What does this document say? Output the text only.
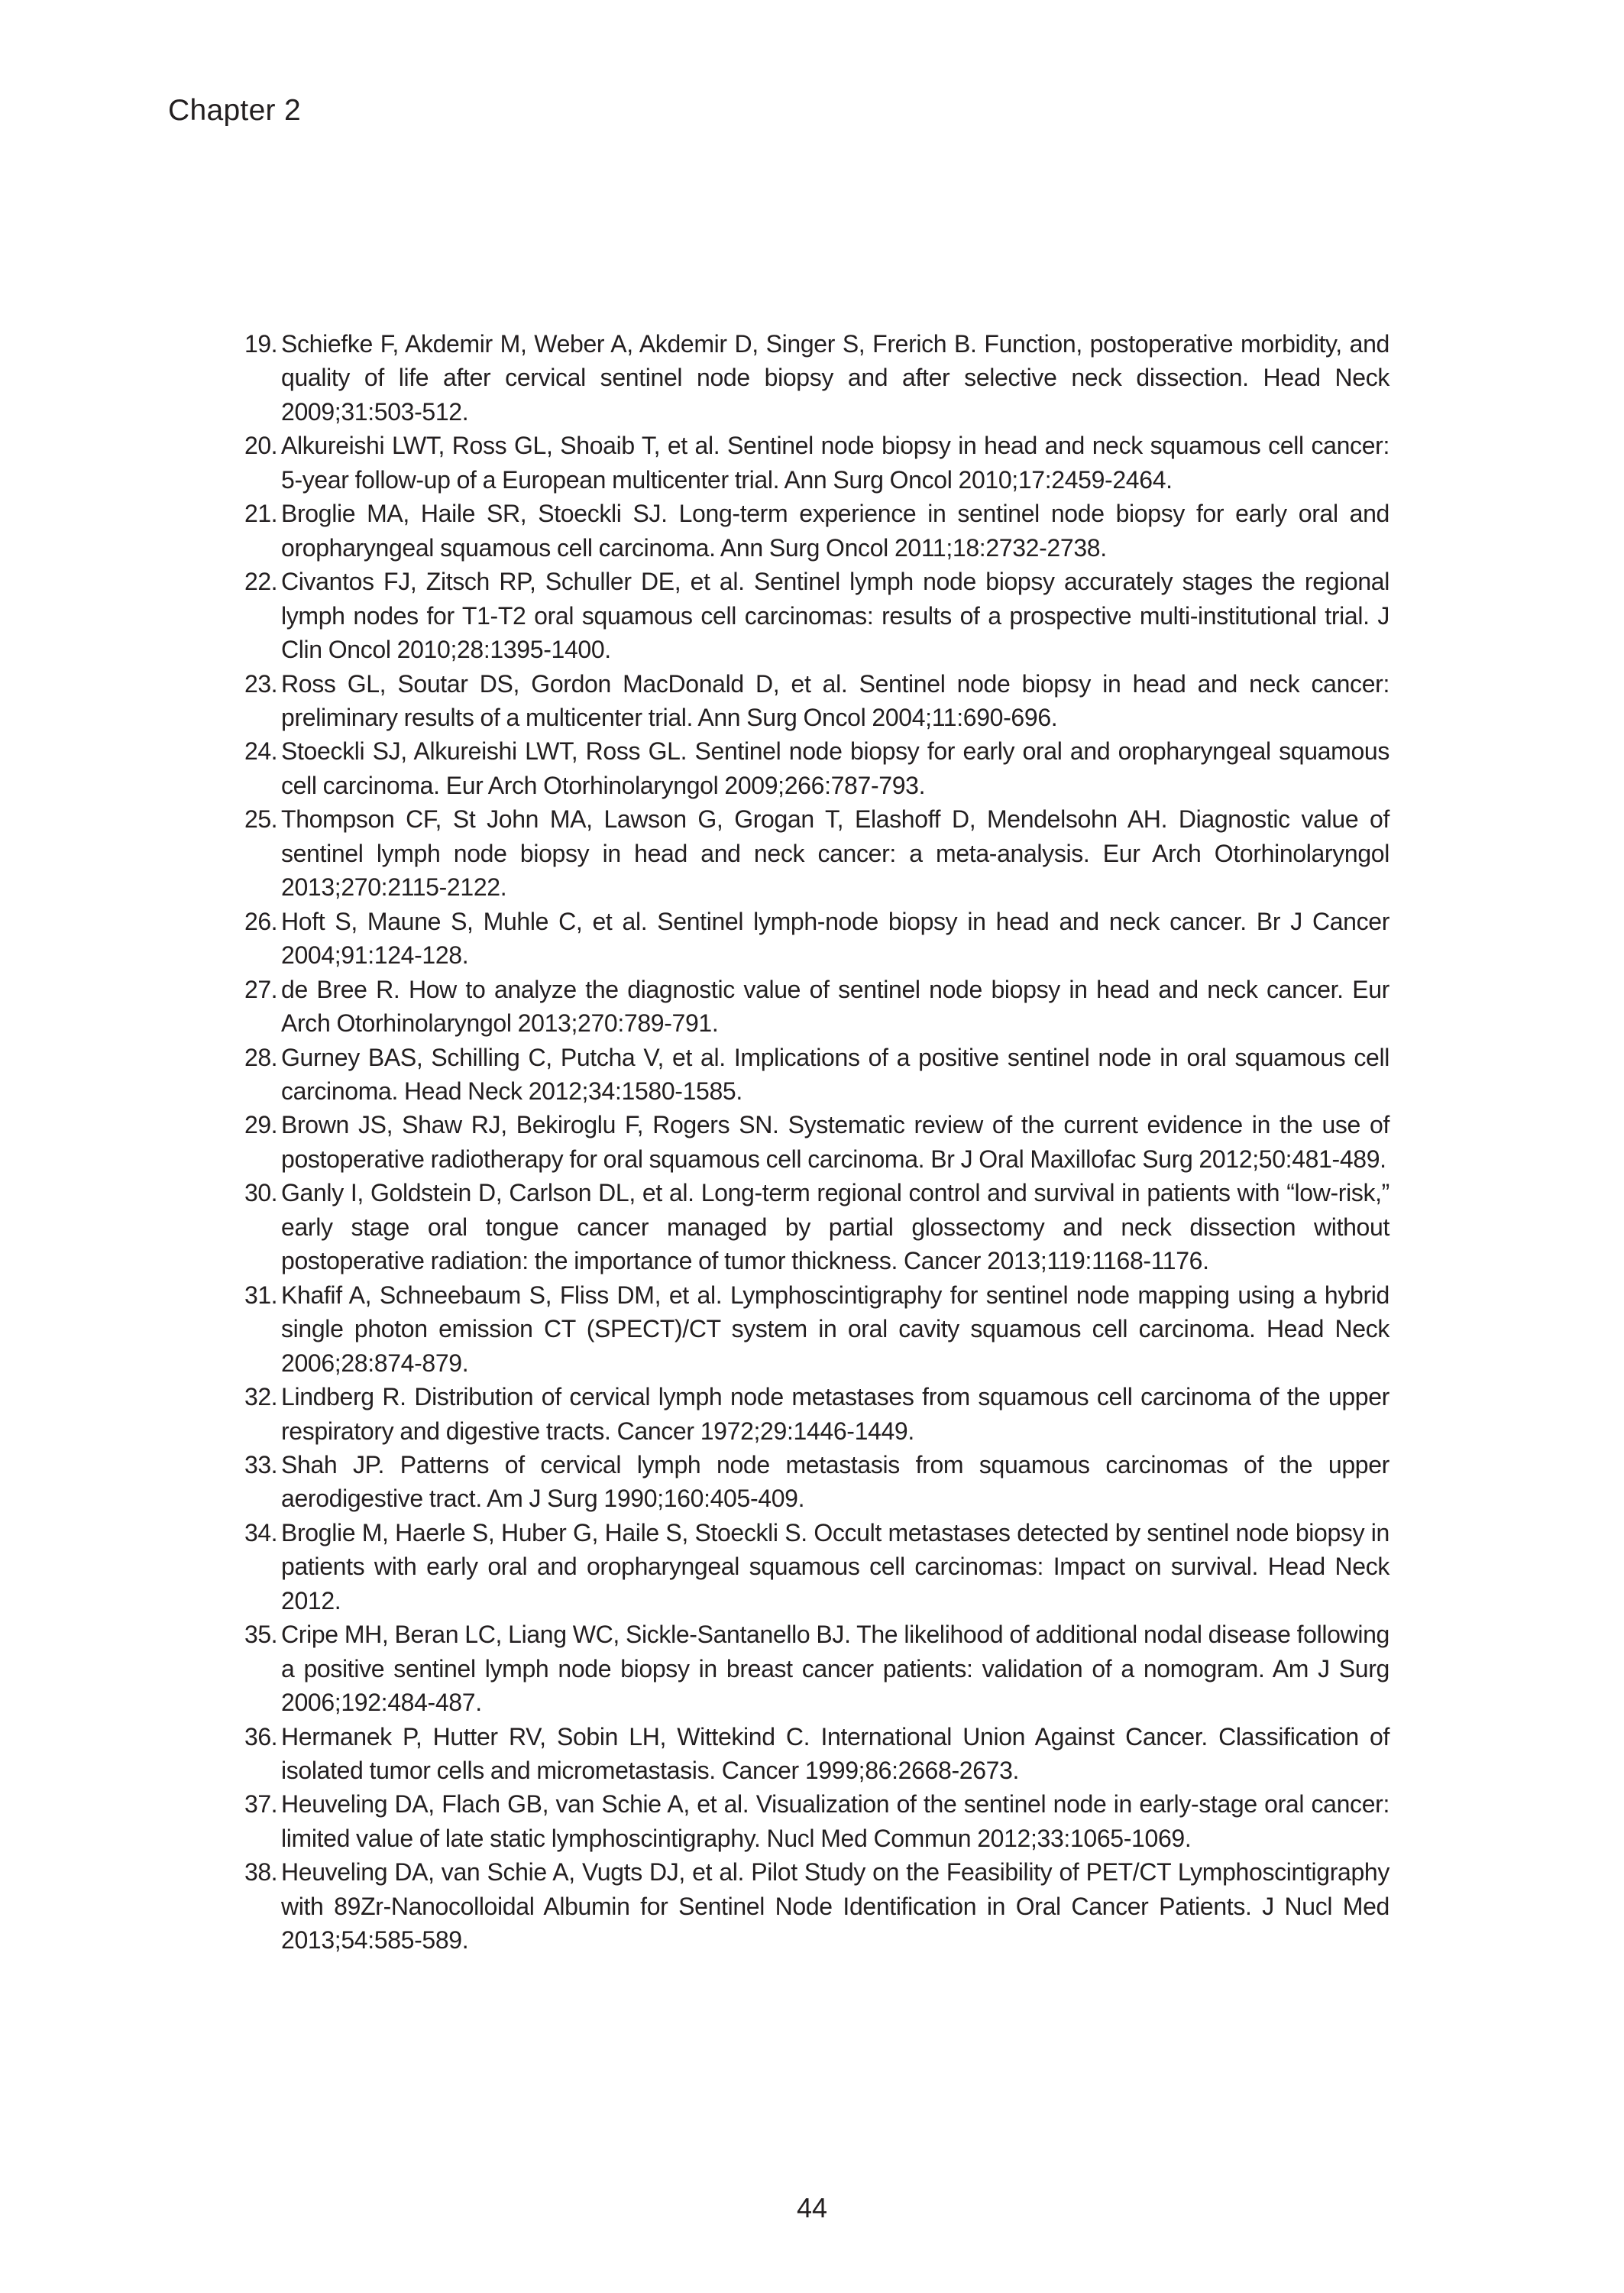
Chapter 2
19. Schiefke F, Akdemir M, Weber A, Akdemir D, Singer S, Frerich B. Function, postoperative morbidity, and quality of life after cervical sentinel node biopsy and after selective neck dissection. Head Neck 2009;31:503-512.
20. Alkureishi LWT, Ross GL, Shoaib T, et al. Sentinel node biopsy in head and neck squamous cell cancer: 5-year follow-up of a European multicenter trial. Ann Surg Oncol 2010;17:2459-2464.
21. Broglie MA, Haile SR, Stoeckli SJ. Long-term experience in sentinel node biopsy for early oral and oropharyngeal squamous cell carcinoma. Ann Surg Oncol 2011;18:2732-2738.
22. Civantos FJ, Zitsch RP, Schuller DE, et al. Sentinel lymph node biopsy accurately stages the regional lymph nodes for T1-T2 oral squamous cell carcinomas: results of a prospective multi-institutional trial. J Clin Oncol 2010;28:1395-1400.
23. Ross GL, Soutar DS, Gordon MacDonald D, et al. Sentinel node biopsy in head and neck cancer: preliminary results of a multicenter trial. Ann Surg Oncol 2004;11:690-696.
24. Stoeckli SJ, Alkureishi LWT, Ross GL. Sentinel node biopsy for early oral and oropharyngeal squamous cell carcinoma. Eur Arch Otorhinolaryngol 2009;266:787-793.
25. Thompson CF, St John MA, Lawson G, Grogan T, Elashoff D, Mendelsohn AH. Diagnostic value of sentinel lymph node biopsy in head and neck cancer: a meta-analysis. Eur Arch Otorhinolaryngol 2013;270:2115-2122.
26. Hoft S, Maune S, Muhle C, et al. Sentinel lymph-node biopsy in head and neck cancer. Br J Cancer 2004;91:124-128.
27. de Bree R. How to analyze the diagnostic value of sentinel node biopsy in head and neck cancer. Eur Arch Otorhinolaryngol 2013;270:789-791.
28. Gurney BAS, Schilling C, Putcha V, et al. Implications of a positive sentinel node in oral squamous cell carcinoma. Head Neck 2012;34:1580-1585.
29. Brown JS, Shaw RJ, Bekiroglu F, Rogers SN. Systematic review of the current evidence in the use of postoperative radiotherapy for oral squamous cell carcinoma. Br J Oral Maxillofac Surg 2012;50:481-489.
30. Ganly I, Goldstein D, Carlson DL, et al. Long-term regional control and survival in patients with “low-risk,” early stage oral tongue cancer managed by partial glossectomy and neck dissection without postoperative radiation: the importance of tumor thickness. Cancer 2013;119:1168-1176.
31. Khafif A, Schneebaum S, Fliss DM, et al. Lymphoscintigraphy for sentinel node mapping using a hybrid single photon emission CT (SPECT)/CT system in oral cavity squamous cell carcinoma. Head Neck 2006;28:874-879.
32. Lindberg R. Distribution of cervical lymph node metastases from squamous cell carcinoma of the upper respiratory and digestive tracts. Cancer 1972;29:1446-1449.
33. Shah JP. Patterns of cervical lymph node metastasis from squamous carcinomas of the upper aerodigestive tract. Am J Surg 1990;160:405-409.
34. Broglie M, Haerle S, Huber G, Haile S, Stoeckli S. Occult metastases detected by sentinel node biopsy in patients with early oral and oropharyngeal squamous cell carcinomas: Impact on survival. Head Neck 2012.
35. Cripe MH, Beran LC, Liang WC, Sickle-Santanello BJ. The likelihood of additional nodal disease following a positive sentinel lymph node biopsy in breast cancer patients: validation of a nomogram. Am J Surg 2006;192:484-487.
36. Hermanek P, Hutter RV, Sobin LH, Wittekind C. International Union Against Cancer. Classification of isolated tumor cells and micrometastasis. Cancer 1999;86:2668-2673.
37. Heuveling DA, Flach GB, van Schie A, et al. Visualization of the sentinel node in early-stage oral cancer: limited value of late static lymphoscintigraphy. Nucl Med Commun 2012;33:1065-1069.
38. Heuveling DA, van Schie A, Vugts DJ, et al. Pilot Study on the Feasibility of PET/CT Lymphoscintigraphy with 89Zr-Nanocolloidal Albumin for Sentinel Node Identification in Oral Cancer Patients. J Nucl Med 2013;54:585-589.
44
